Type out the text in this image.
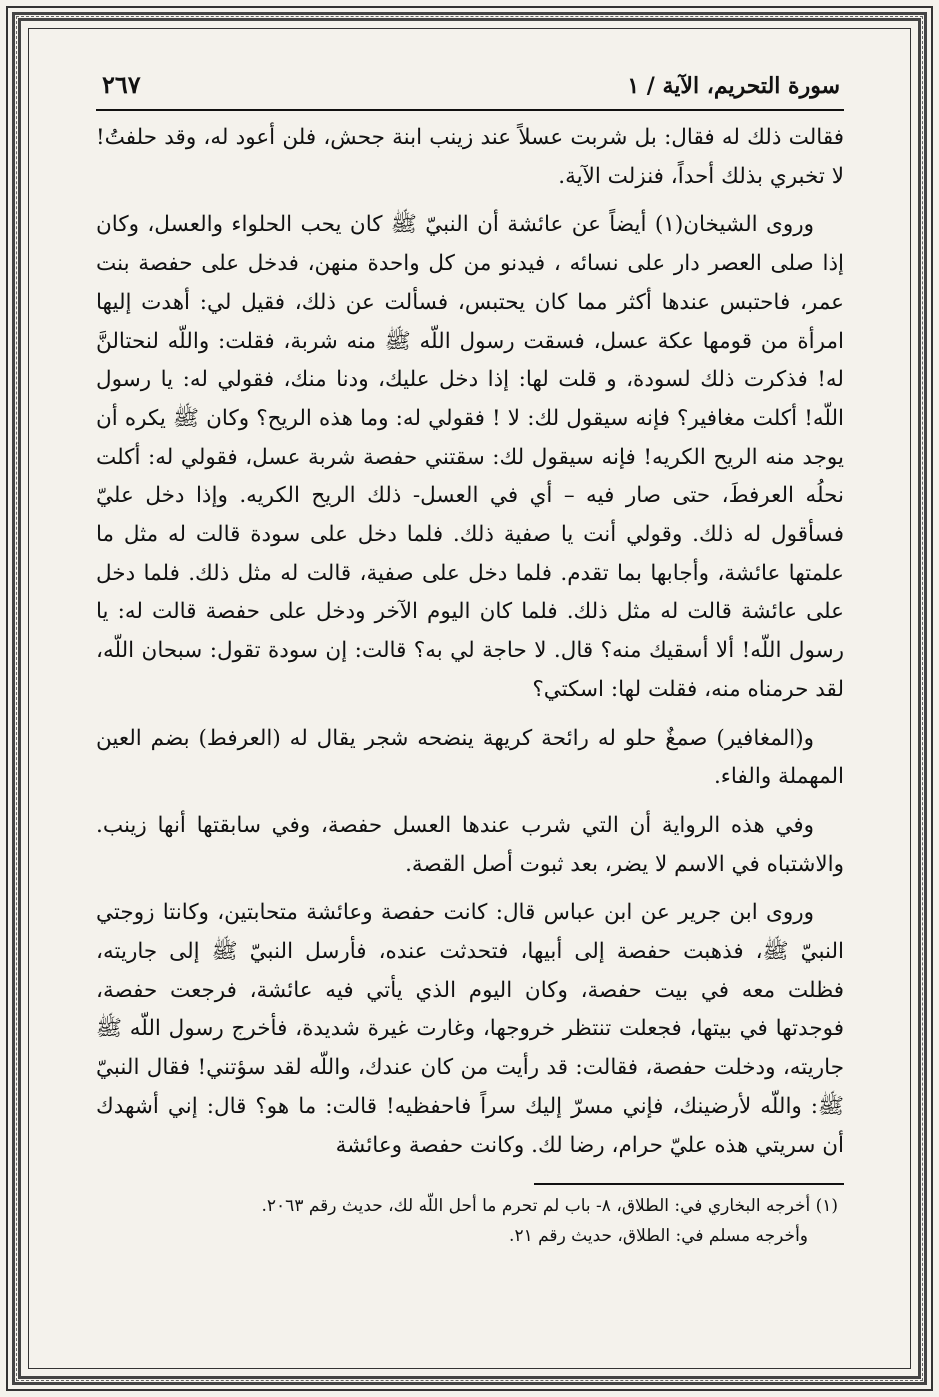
سورة التحريم، الآية / ١
٢٦٧

فقالت ذلك له فقال: بل شربت عسلاً عند زينب ابنة جحش، فلن أعود له، وقد حلفتُ! لا تخبري بذلك أحداً، فنزلت الآية.

وروى الشيخان(١) أيضاً عن عائشة أن النبيّ ﷺ كان يحب الحلواء والعسل، وكان إذا صلى العصر دار على نسائه ، فيدنو من كل واحدة منهن، فدخل على حفصة بنت عمر، فاحتبس عندها أكثر مما كان يحتبس، فسألت عن ذلك، فقيل لي: أهدت إليها امرأة من قومها عكة عسل، فسقت رسول اللّه ﷺ منه شربة، فقلت: واللّه لنحتالنَّ له! فذكرت ذلك لسودة، و قلت لها: إذا دخل عليك، ودنا منك، فقولي له: يا رسول اللّه! أكلت مغافير؟ فإنه سيقول لك: لا ! فقولي له: وما هذه الريح؟ وكان ﷺ يكره أن يوجد منه الريح الكريه! فإنه سيقول لك: سقتني حفصة شربة عسل، فقولي له: أكلت نحلُه العرفطَ، حتى صار فيه – أي في العسل- ذلك الريح الكريه. وإذا دخل عليّ فسأقول له ذلك. وقولي أنت يا صفية ذلك. فلما دخل على سودة قالت له مثل ما علمتها عائشة، وأجابها بما تقدم. فلما دخل على صفية، قالت له مثل ذلك. فلما دخل على عائشة قالت له مثل ذلك. فلما كان اليوم الآخر ودخل على حفصة قالت له: يا رسول اللّه! ألا أسقيك منه؟ قال. لا حاجة لي به؟ قالت: إن سودة تقول: سبحان اللّه، لقد حرمناه منه، فقلت لها: اسكتي؟

و(المغافير) صمغٌ حلو له رائحة كريهة ينضحه شجر يقال له (العرفط) بضم العين المهملة والفاء.

وفي هذه الرواية أن التي شرب عندها العسل حفصة، وفي سابقتها أنها زينب. والاشتباه في الاسم لا يضر، بعد ثبوت أصل القصة.

وروى ابن جرير عن ابن عباس قال: كانت حفصة وعائشة متحابتين، وكانتا زوجتي النبيّ ﷺ، فذهبت حفصة إلى أبيها، فتحدثت عنده، فأرسل النبيّ ﷺ إلى جاريته، فظلت معه في بيت حفصة، وكان اليوم الذي يأتي فيه عائشة، فرجعت حفصة، فوجدتها في بيتها، فجعلت تنتظر خروجها، وغارت غيرة شديدة، فأخرج رسول اللّه ﷺ جاريته، ودخلت حفصة، فقالت: قد رأيت من كان عندك، واللّه لقد سؤتني! فقال النبيّ ﷺ: واللّه لأرضينك، فإني مسرّ إليك سراً فاحفظيه! قالت: ما هو؟ قال: إني أشهدك أن سريتي هذه عليّ حرام، رضا لك. وكانت حفصة وعائشة

(١) أخرجه البخاري في: الطلاق، ٨- باب لم تحرم ما أحل اللّه لك، حديث رقم ٢٠٦٣.
وأخرجه مسلم في: الطلاق، حديث رقم ٢١.
